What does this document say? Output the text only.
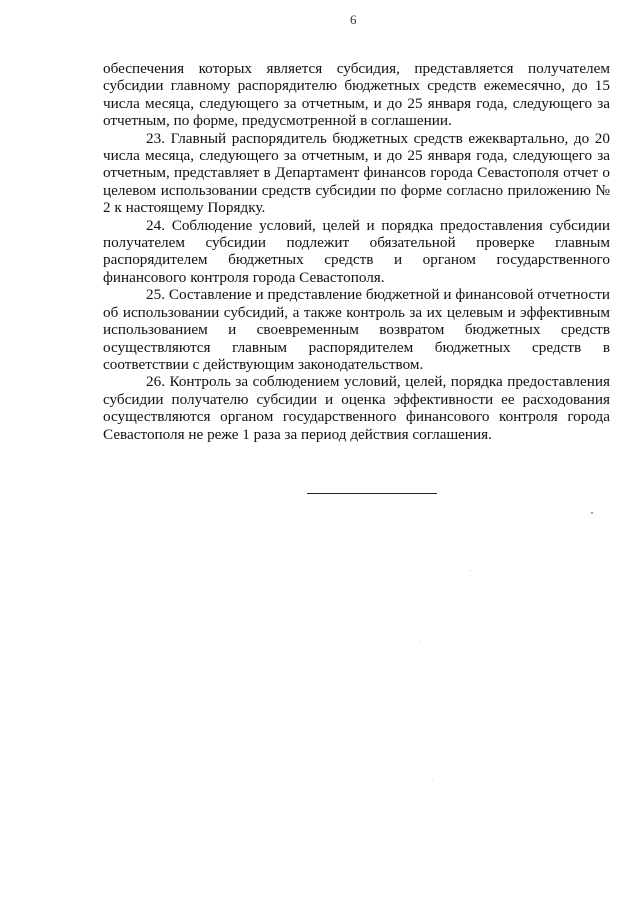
6

обеспечения которых является субсидия, представляется получателем субсидии главному распорядителю бюджетных средств ежемесячно, до 15 числа месяца, следующего за отчетным, и до 25 января года, следующего за отчетным, по форме, предусмотренной в соглашении.

23. Главный распорядитель бюджетных средств ежеквартально, до 20 числа месяца, следующего за отчетным, и до 25 января года, следующего за отчетным, представляет в Департамент финансов города Севастополя отчет о целевом использовании средств субсидии по форме согласно приложению № 2 к настоящему Порядку.

24. Соблюдение условий, целей и порядка предоставления субсидии получателем субсидии подлежит обязательной проверке главным распорядителем бюджетных средств и органом государственного финансового контроля города Севастополя.

25. Составление и представление бюджетной и финансовой отчетности об использовании субсидий, а также контроль за их целевым и эффективным использованием и своевременным возвратом бюджетных средств осуществляются главным распорядителем бюджетных средств в соответствии с действующим законодательством.

26. Контроль за соблюдением условий, целей, порядка предоставления субсидии получателю субсидии и оценка эффективности ее расходования осуществляются органом государственного финансового контроля города Севастополя не реже 1 раза за период действия соглашения.
